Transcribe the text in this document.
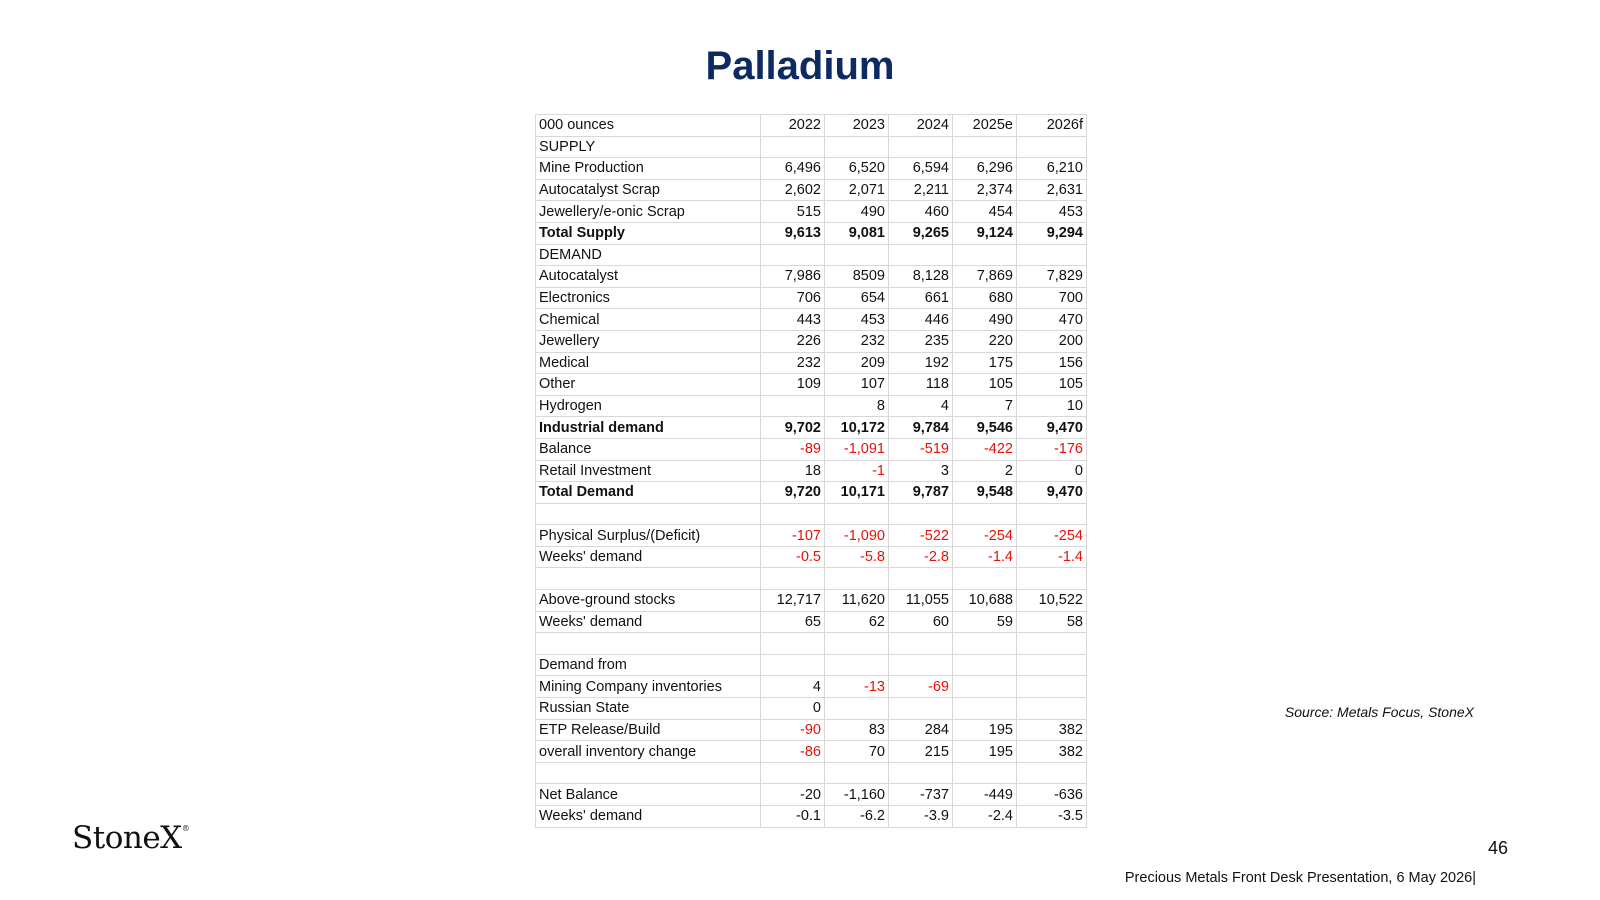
Palladium
000 ounces	2022	2023	2024	2025e	2026f
SUPPLY					
Mine Production	6,496	6,520	6,594	6,296	6,210
Autocatalyst Scrap	2,602	2,071	2,211	2,374	2,631
Jewellery/e-onic Scrap	515	490	460	454	453
Total Supply	9,613	9,081	9,265	9,124	9,294
DEMAND					
Autocatalyst	7,986	8509	8,128	7,869	7,829
Electronics	706	654	661	680	700
Chemical	443	453	446	490	470
Jewellery	226	232	235	220	200
Medical	232	209	192	175	156
Other	109	107	118	105	105
Hydrogen		8	4	7	10
Industrial demand	9,702	10,172	9,784	9,546	9,470
Balance	-89	-1,091	-519	-422	-176
Retail Investment	18	-1	3	2	0
Total Demand	9,720	10,171	9,787	9,548	9,470

Physical Surplus/(Deficit)	-107	-1,090	-522	-254	-254
Weeks' demand	-0.5	-5.8	-2.8	-1.4	-1.4

Above-ground stocks	12,717	11,620	11,055	10,688	10,522
Weeks' demand	65	62	60	59	58

Demand from					
Mining Company inventories	4	-13	-69		
Russian State	0				
ETP Release/Build	-90	83	284	195	382
overall inventory change	-86	70	215	195	382

Net Balance	-20	-1,160	-737	-449	-636
Weeks' demand	-0.1	-6.2	-3.9	-2.4	-3.5
Source: Metals Focus, StoneX
StoneX®
46
Precious Metals Front Desk Presentation, 6 May 2026|
